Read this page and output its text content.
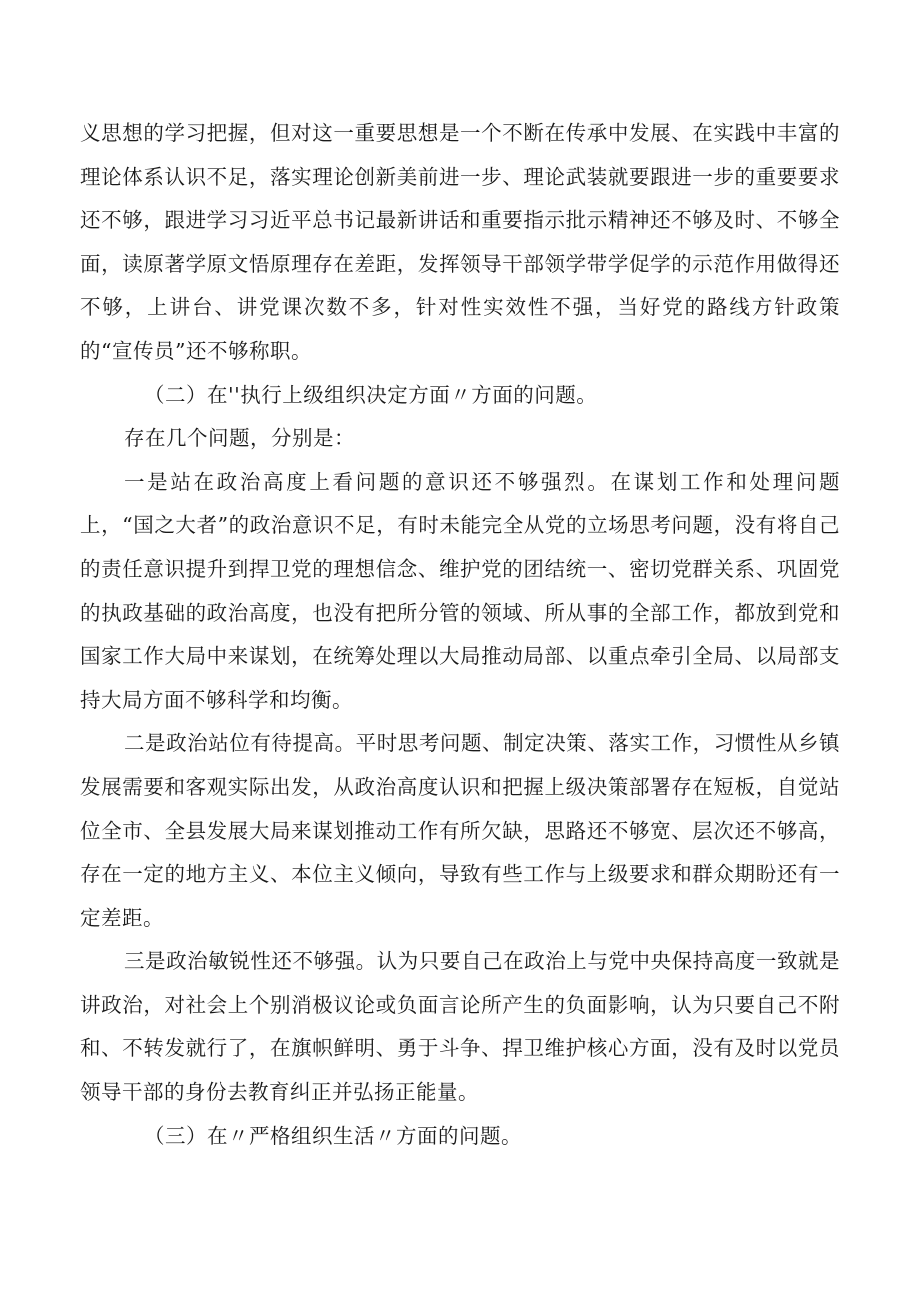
义思想的学习把握，但对这一重要思想是一个不断在传承中发展、在实践中丰富的理论体系认识不足，落实理论创新美前进一步、理论武装就要跟进一步的重要要求还不够，跟进学习习近平总书记最新讲话和重要指示批示精神还不够及时、不够全面，读原著学原文悟原理存在差距，发挥领导干部领学带学促学的示范作用做得还不够，上讲台、讲党课次数不多，针对性实效性不强，当好党的路线方针政策的“宣传员”还不够称职。

（二）在''执行上级组织决定方面〃方面的问题。

存在几个问题，分别是：

一是站在政治高度上看问题的意识还不够强烈。在谋划工作和处理问题上，“国之大者”的政治意识不足，有时未能完全从党的立场思考问题，没有将自己的责任意识提升到捍卫党的理想信念、维护党的团结统一、密切党群关系、巩固党的执政基础的政治高度，也没有把所分管的领域、所从事的全部工作，都放到党和国家工作大局中来谋划，在统筹处理以大局推动局部、以重点牵引全局、以局部支持大局方面不够科学和均衡。

二是政治站位有待提高。平时思考问题、制定决策、落实工作，习惯性从乡镇发展需要和客观实际出发，从政治高度认识和把握上级决策部署存在短板，自觉站位全市、全县发展大局来谋划推动工作有所欠缺，思路还不够宽、层次还不够高，存在一定的地方主义、本位主义倾向，导致有些工作与上级要求和群众期盼还有一定差距。

三是政治敏锐性还不够强。认为只要自己在政治上与党中央保持高度一致就是讲政治，对社会上个别消极议论或负面言论所产生的负面影响，认为只要自己不附和、不转发就行了，在旗帜鲜明、勇于斗争、捍卫维护核心方面，没有及时以党员领导干部的身份去教育纠正并弘扬正能量。

（三）在〃严格组织生活〃方面的问题。
